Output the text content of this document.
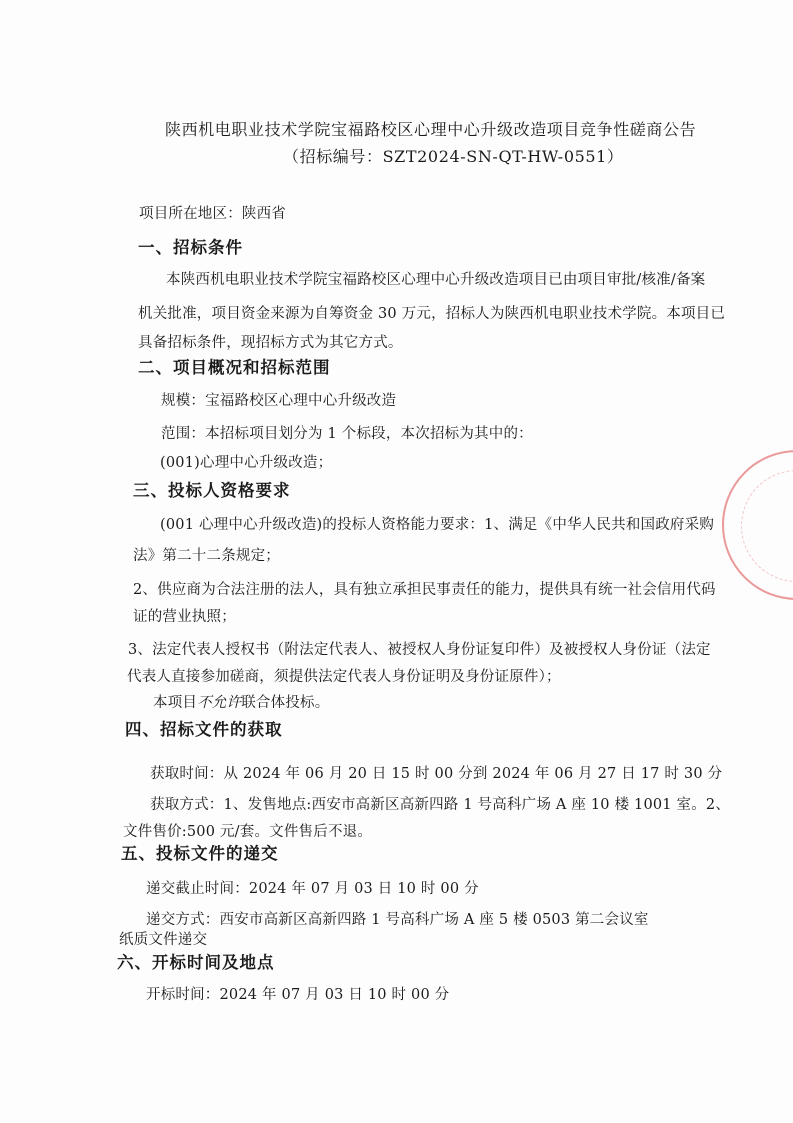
陕西机电职业技术学院宝福路校区心理中心升级改造项目竞争性磋商公告
（招标编号：SZT2024-SN-QT-HW-0551）
项目所在地区：陕西省
一、招标条件
本陕西机电职业技术学院宝福路校区心理中心升级改造项目已由项目审批/核准/备案
机关批准，项目资金来源为自筹资金 30 万元，招标人为陕西机电职业技术学院。本项目已
具备招标条件，现招标方式为其它方式。
二、项目概况和招标范围
规模：宝福路校区心理中心升级改造
范围：本招标项目划分为 1 个标段，本次招标为其中的：
(001)心理中心升级改造；
三、投标人资格要求
(001 心理中心升级改造)的投标人资格能力要求：1、满足《中华人民共和国政府采购
法》第二十二条规定；
2、供应商为合法注册的法人，具有独立承担民事责任的能力，提供具有统一社会信用代码
证的营业执照；
3、法定代表人授权书（附法定代表人、被授权人身份证复印件）及被授权人身份证（法定
代表人直接参加磋商，须提供法定代表人身份证明及身份证原件）；
本项目不允许联合体投标。
四、招标文件的获取
获取时间：从 2024 年 06 月 20 日 15 时 00 分到 2024 年 06 月 27 日 17 时 30 分
获取方式：1、发售地点:西安市高新区高新四路 1 号高科广场 A 座 10 楼 1001 室。2、
文件售价:500 元/套。文件售后不退。
五、投标文件的递交
递交截止时间：2024 年 07 月 03 日 10 时 00 分
递交方式：西安市高新区高新四路 1 号高科广场 A 座 5 楼 0503 第二会议室
纸质文件递交
六、开标时间及地点
开标时间：2024 年 07 月 03 日 10 时 00 分
